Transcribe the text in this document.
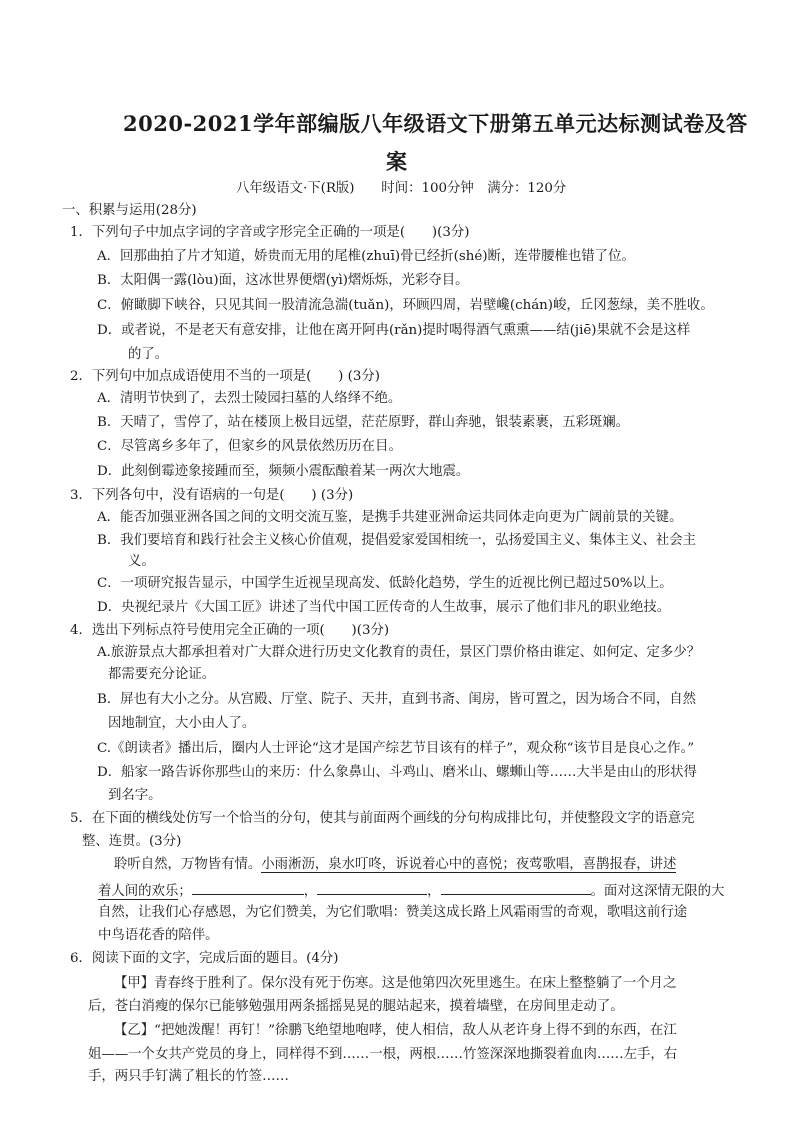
2020-2021学年部编版八年级语文下册第五单元达标测试卷及答
案
八年级语文·下(R版)　　时间：100分钟　满分：120分
一、积累与运用(28分)
1．下列句子中加点字词的字音或字形完全正确的一项是(　　)(3分)
A．回那曲拍了片才知道，娇贵而无用的尾椎(zhuī)骨已经折(shé)断，连带腰椎也错了位。
B．太阳偶一露(lòu)面，这冰世界便熠(yì)熠烁烁，光彩夺目。
C．俯瞰脚下峡谷，只见其间一股清流急湍(tuǎn)，环顾四周，岩壁巉(chán)峻，丘冈葱绿，美不胜收。
D．或者说，不是老天有意安排，让他在离开阿冉(rǎn)提时喝得酒气熏熏——结(jiē)果就不会是这样
的了。
2．下列句中加点成语使用不当的一项是(　　) (3分)
A．清明节快到了，去烈士陵园扫墓的人络绎不绝。
B．天晴了，雪停了，站在楼顶上极目远望，茫茫原野，群山奔驰，银装素裹，五彩斑斓。
C．尽管离乡多年了，但家乡的风景依然历历在目。
D．此刻倒霉迹象接踵而至，频频小震酝酿着某一两次大地震。
3．下列各句中，没有语病的一句是(　　) (3分)
A．能否加强亚洲各国之间的文明交流互鉴，是携手共建亚洲命运共同体走向更为广阔前景的关键。
B．我们要培育和践行社会主义核心价值观，提倡爱家爱国相统一，弘扬爱国主义、集体主义、社会主
义。
C．一项研究报告显示，中国学生近视呈现高发、低龄化趋势，学生的近视比例已超过50%以上。
D．央视纪录片《大国工匠》讲述了当代中国工匠传奇的人生故事，展示了他们非凡的职业绝技。
4．选出下列标点符号使用完全正确的一项(　　)(3分)
A.旅游景点大都承担着对广大群众进行历史文化教育的责任，景区门票价格由谁定、如何定、定多少？
都需要充分论证。
B．屏也有大小之分。从宫殿、厅堂、院子、天井，直到书斋、闺房，皆可置之，因为场合不同，自然
因地制宜，大小由人了。
C.《朗读者》播出后，圈内人士评论“这才是国产综艺节目该有的样子”，观众称“该节目是良心之作。”
D．船家一路告诉你那些山的来历：什么象鼻山、斗鸡山、磨米山、螺蛳山等……大半是由山的形状得
到名字。
5．在下面的横线处仿写一个恰当的分句，使其与前面两个画线的分句构成排比句，并使整段文字的语意完
整、连贯。(3分)
聆听自然，万物皆有情。小雨淅沥，泉水叮咚，诉说着心中的喜悦；夜莺歌唱，喜鹊报春，讲述
着人间的欢乐；	，	，	。面对这深情无限的大
自然，让我们心存感恩，为它们赞美，为它们歌唱：赞美这成长路上风霜雨雪的奇观，歌唱这前行途
中鸟语花香的陪伴。
6．阅读下面的文字，完成后面的题目。(4分)
【甲】青春终于胜利了。保尔没有死于伤寒。这是他第四次死里逃生。在床上整整躺了一个月之
后，苍白消瘦的保尔已能够勉强用两条摇摇晃晃的腿站起来，摸着墙壁，在房间里走动了。
【乙】“把她泼醒！再钉！”徐鹏飞绝望地咆哮，使人相信，敌人从老许身上得不到的东西，在江
姐——一个女共产党员的身上，同样得不到……一根，两根……竹签深深地撕裂着血肉……左手，右
手，两只手钉满了粗长的竹签……
